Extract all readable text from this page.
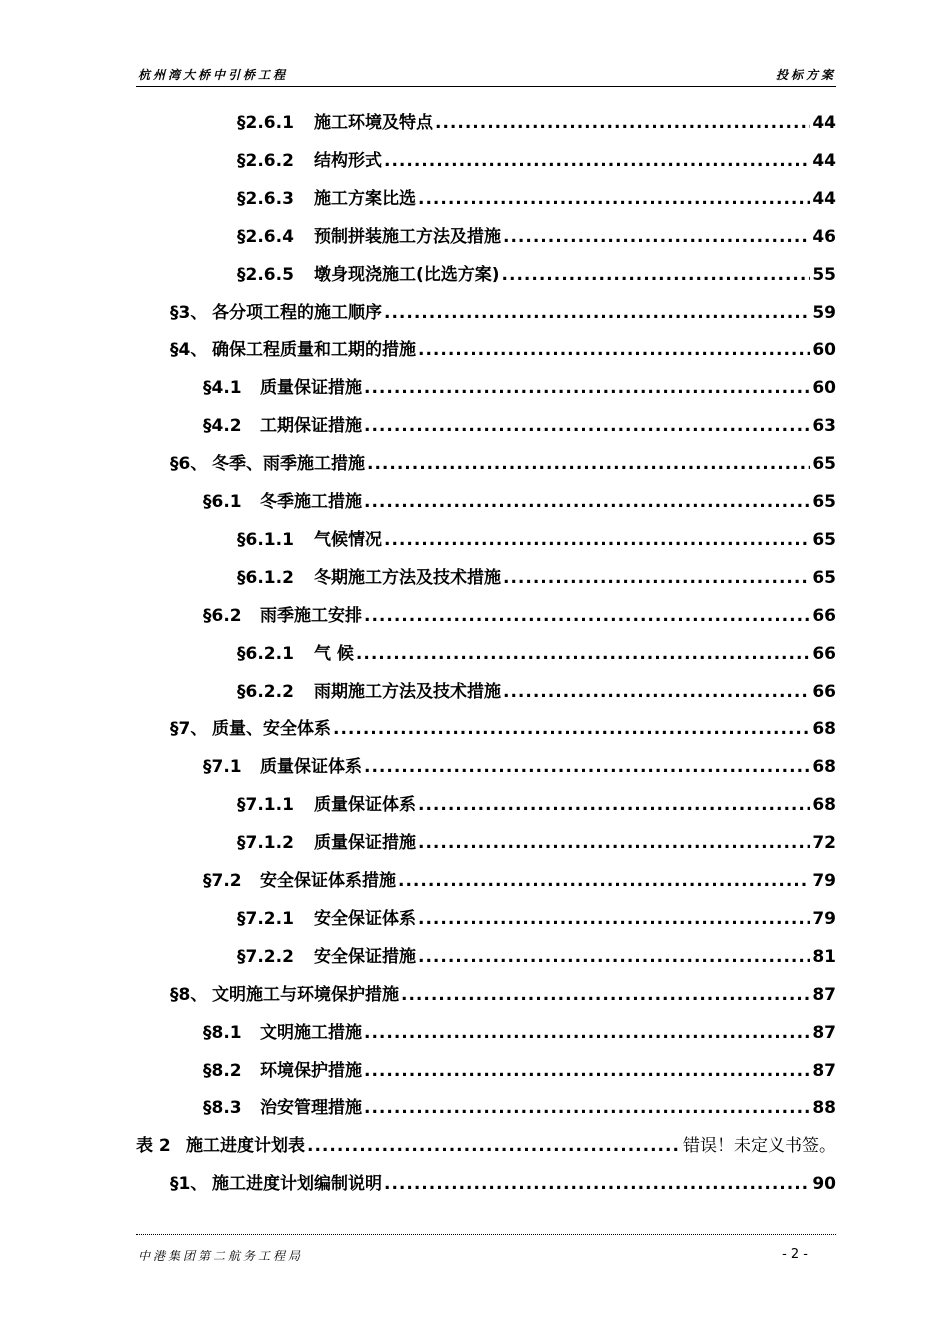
杭州湾大桥中引桥工程	投标方案
§2.6.1	施工环境及特点 .....	44
§2.6.2	结构形式 .....	44
§2.6.3	施工方案比选 .....	44
§2.6.4	预制拼装施工方法及措施 .....	46
§2.6.5	墩身现浇施工(比选方案) .....	55
§3、 各分项工程的施工顺序 .....	59
§4、 确保工程质量和工期的措施 .....	60
§4.1	质量保证措施 .....	60
§4.2	工期保证措施 .....	63
§6、 冬季、雨季施工措施 .....	65
§6.1	冬季施工措施 .....	65
§6.1.1	气候情况 .....	65
§6.1.2	冬期施工方法及技术措施 .....	65
§6.2	雨季施工安排 .....	66
§6.2.1	气 候 .....	66
§6.2.2	雨期施工方法及技术措施 .....	66
§7、 质量、安全体系 .....	68
§7.1	质量保证体系 .....	68
§7.1.1	质量保证体系 .....	68
§7.1.2	质量保证措施 .....	72
§7.2	安全保证体系措施 .....	79
§7.2.1	安全保证体系 .....	79
§7.2.2	安全保证措施 .....	81
§8、 文明施工与环境保护措施 .....	87
§8.1	文明施工措施 .....	87
§8.2	环境保护措施 .....	87
§8.3	治安管理措施 .....	88
表 2 施工进度计划表 .....	错误！未定义书签。
§1、 施工进度计划编制说明 .....	90
中港集团第二航务工程局	- 2 -
